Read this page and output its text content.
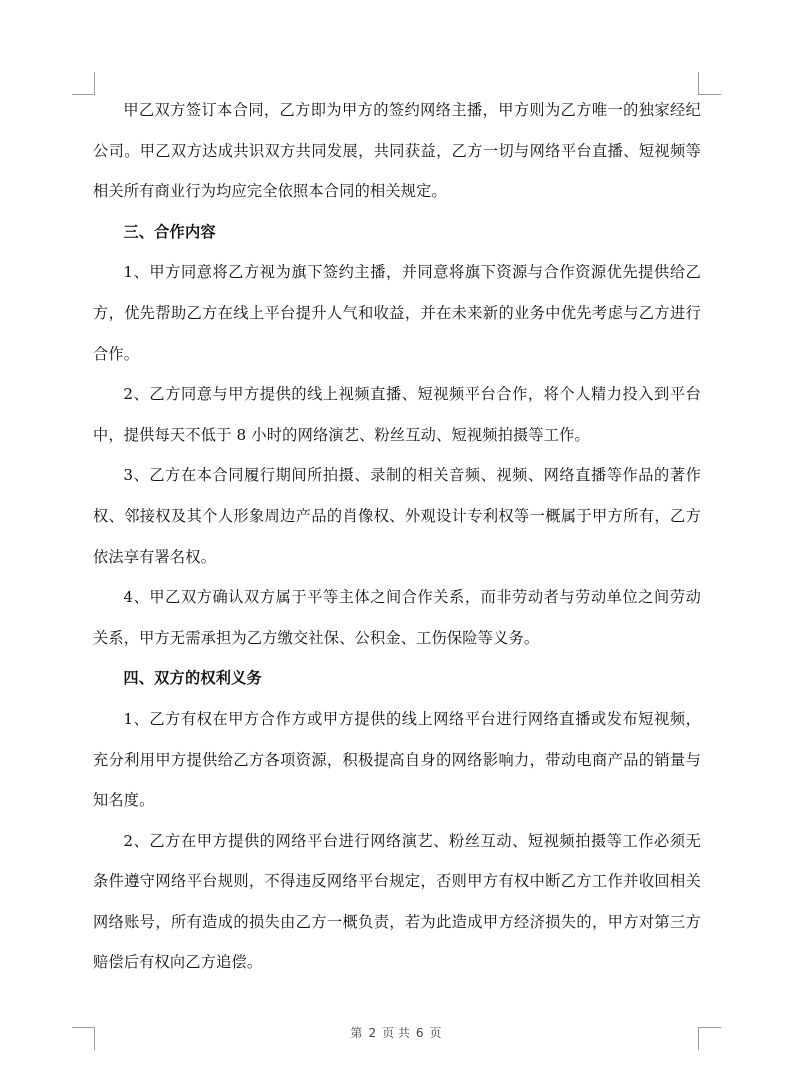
甲乙双方签订本合同，乙方即为甲方的签约网络主播，甲方则为乙方唯一的独家经纪公司。甲乙双方达成共识双方共同发展，共同获益，乙方一切与网络平台直播、短视频等相关所有商业行为均应完全依照本合同的相关规定。

三、合作内容

1、甲方同意将乙方视为旗下签约主播，并同意将旗下资源与合作资源优先提供给乙方，优先帮助乙方在线上平台提升人气和收益，并在未来新的业务中优先考虑与乙方进行合作。

2、乙方同意与甲方提供的线上视频直播、短视频平台合作，将个人精力投入到平台中，提供每天不低于 8 小时的网络演艺、粉丝互动、短视频拍摄等工作。

3、乙方在本合同履行期间所拍摄、录制的相关音频、视频、网络直播等作品的著作权、邻接权及其个人形象周边产品的肖像权、外观设计专利权等一概属于甲方所有，乙方依法享有署名权。

4、甲乙双方确认双方属于平等主体之间合作关系，而非劳动者与劳动单位之间劳动关系，甲方无需承担为乙方缴交社保、公积金、工伤保险等义务。

四、双方的权利义务

1、乙方有权在甲方合作方或甲方提供的线上网络平台进行网络直播或发布短视频，充分利用甲方提供给乙方各项资源，积极提高自身的网络影响力，带动电商产品的销量与知名度。

2、乙方在甲方提供的网络平台进行网络演艺、粉丝互动、短视频拍摄等工作必须无条件遵守网络平台规则，不得违反网络平台规定，否则甲方有权中断乙方工作并收回相关网络账号，所有造成的损失由乙方一概负责，若为此造成甲方经济损失的，甲方对第三方赔偿后有权向乙方追偿。

第 2 页 共 6 页
